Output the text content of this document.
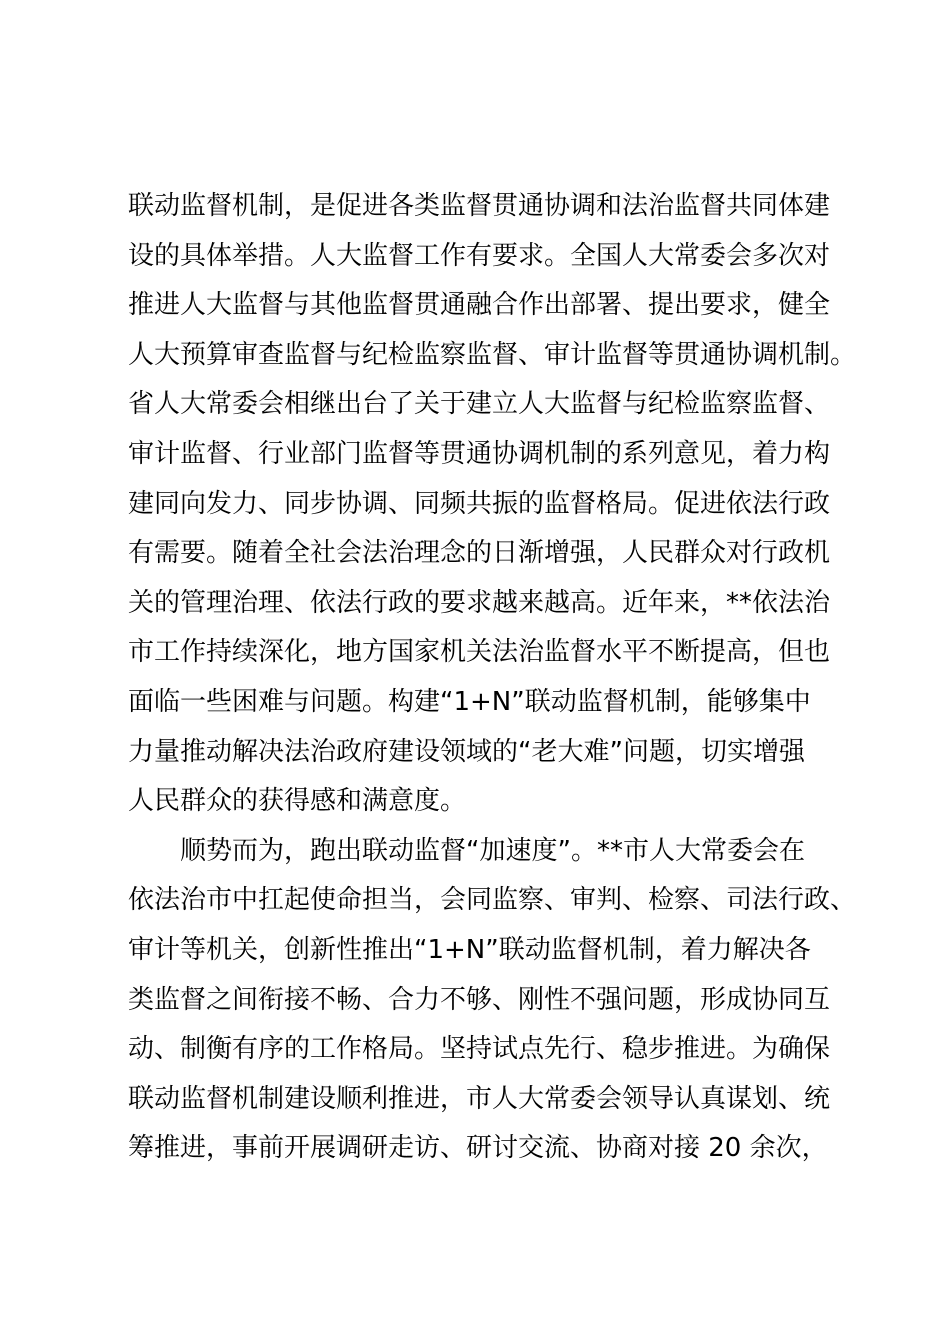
联动监督机制，是促进各类监督贯通协调和法治监督共同体建
设的具体举措。人大监督工作有要求。全国人大常委会多次对
推进人大监督与其他监督贯通融合作出部署、提出要求，健全
人大预算审查监督与纪检监察监督、审计监督等贯通协调机制。
省人大常委会相继出台了关于建立人大监督与纪检监察监督、
审计监督、行业部门监督等贯通协调机制的系列意见，着力构
建同向发力、同步协调、同频共振的监督格局。促进依法行政
有需要。随着全社会法治理念的日渐增强，人民群众对行政机
关的管理治理、依法行政的要求越来越高。近年来，**依法治
市工作持续深化，地方国家机关法治监督水平不断提高，但也
面临一些困难与问题。构建“1+N”联动监督机制，能够集中
力量推动解决法治政府建设领域的“老大难”问题，切实增强
人民群众的获得感和满意度。
顺势而为，跑出联动监督“加速度”。**市人大常委会在
依法治市中扛起使命担当，会同监察、审判、检察、司法行政、
审计等机关，创新性推出“1+N”联动监督机制，着力解决各
类监督之间衔接不畅、合力不够、刚性不强问题，形成协同互
动、制衡有序的工作格局。坚持试点先行、稳步推进。为确保
联动监督机制建设顺利推进，市人大常委会领导认真谋划、统
筹推进，事前开展调研走访、研讨交流、协商对接 20 余次，
